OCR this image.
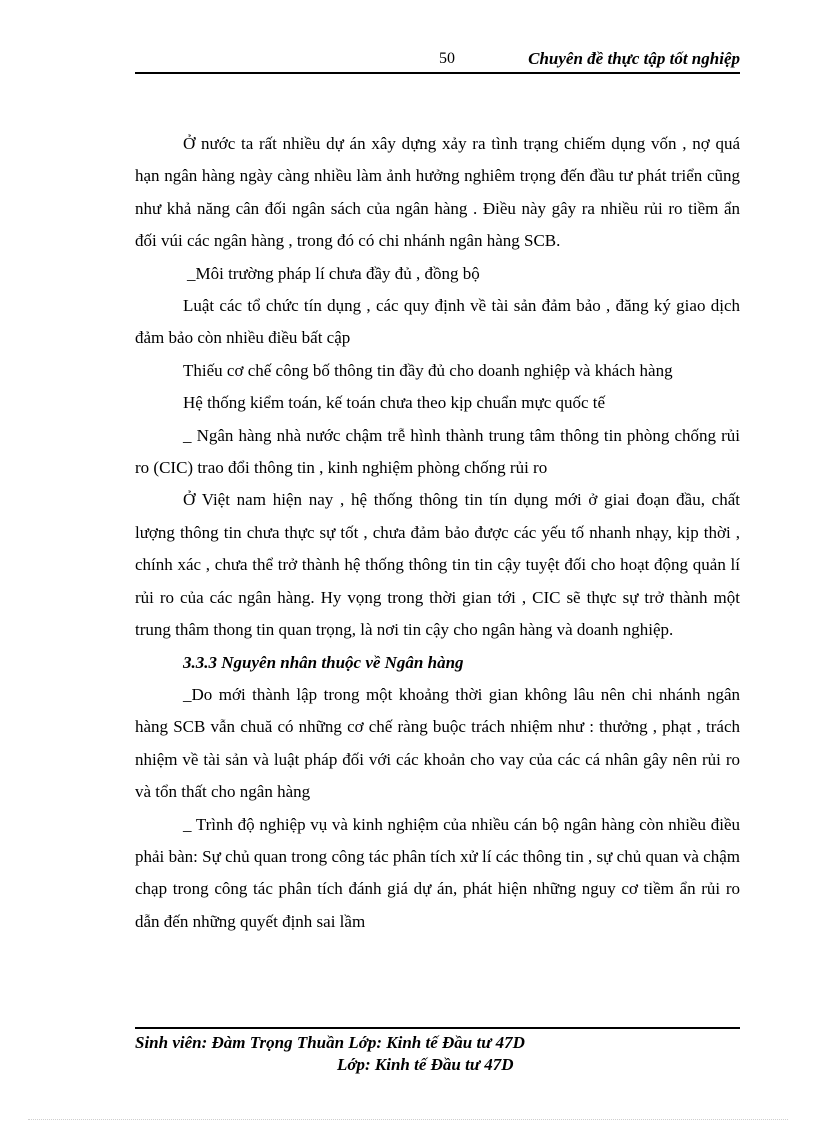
50	Chuyên đề thực tập tốt nghiệp

Ở nước ta rất nhiều dự án xây dựng xảy ra tình trạng chiếm dụng vốn , nợ quá hạn ngân hàng ngày càng nhiều làm ảnh hưởng nghiêm trọng đến đầu tư phát triển cũng như khả năng cân đối ngân sách của ngân hàng . Điều này gây ra nhiều rủi ro tiềm ẩn đối vúi các ngân hàng , trong đó có chi nhánh ngân hàng SCB.

_Môi trường pháp lí chưa đầy đủ , đồng bộ

Luật các tổ chức tín dụng , các quy định về tài sản đảm bảo , đăng ký giao dịch đảm bảo còn nhiều điều bất cập

Thiếu cơ chế công bố thông tin đầy đủ cho doanh nghiệp và khách hàng

Hệ thống kiểm toán, kế toán chưa theo kịp chuẩn mực quốc tế

_ Ngân hàng nhà nước chậm trễ hình thành trung tâm thông tin phòng chống rủi ro (CIC) trao đổi thông tin , kinh nghiệm phòng chống rủi ro

Ở Việt nam hiện nay , hệ thống thông tin tín dụng mới ở giai đoạn đầu, chất lượng thông tin chưa thực sự tốt , chưa đảm bảo được các yếu tố nhanh nhạy, kịp thời , chính xác , chưa thể trở thành hệ thống thông tin tin cậy tuyệt đối cho hoạt động quản lí rủi ro của các ngân hàng. Hy vọng trong thời gian tới , CIC sẽ thực sự trở thành một trung thâm thong tin quan trọng, là nơi tin cậy cho ngân hàng và doanh nghiệp.

3.3.3 Nguyên nhân thuộc về Ngân hàng

_Do mới thành lập trong một khoảng thời gian không lâu nên chi nhánh ngân hàng SCB vẫn chuă có những cơ chế ràng buộc trách nhiệm như : thưởng , phạt , trách nhiệm về tài sản và luật pháp đối với các khoản cho vay của các cá nhân gây nên rủi ro và tổn thất cho ngân hàng

_ Trình độ nghiệp vụ và kinh nghiệm của nhiều cán bộ ngân hàng còn nhiều điều phải bàn: Sự chủ quan trong công tác phân tích xử lí các thông tin , sự chủ quan và chậm chạp trong công tác phân tích đánh giá dự án, phát hiện những nguy cơ tiềm ẩn rủi ro dẫn đến những quyết định sai lầm

Sinh viên: Đàm Trọng Thuần Lớp: Kinh tế Đầu tư 47D
Lớp: Kinh tế Đầu tư 47D
